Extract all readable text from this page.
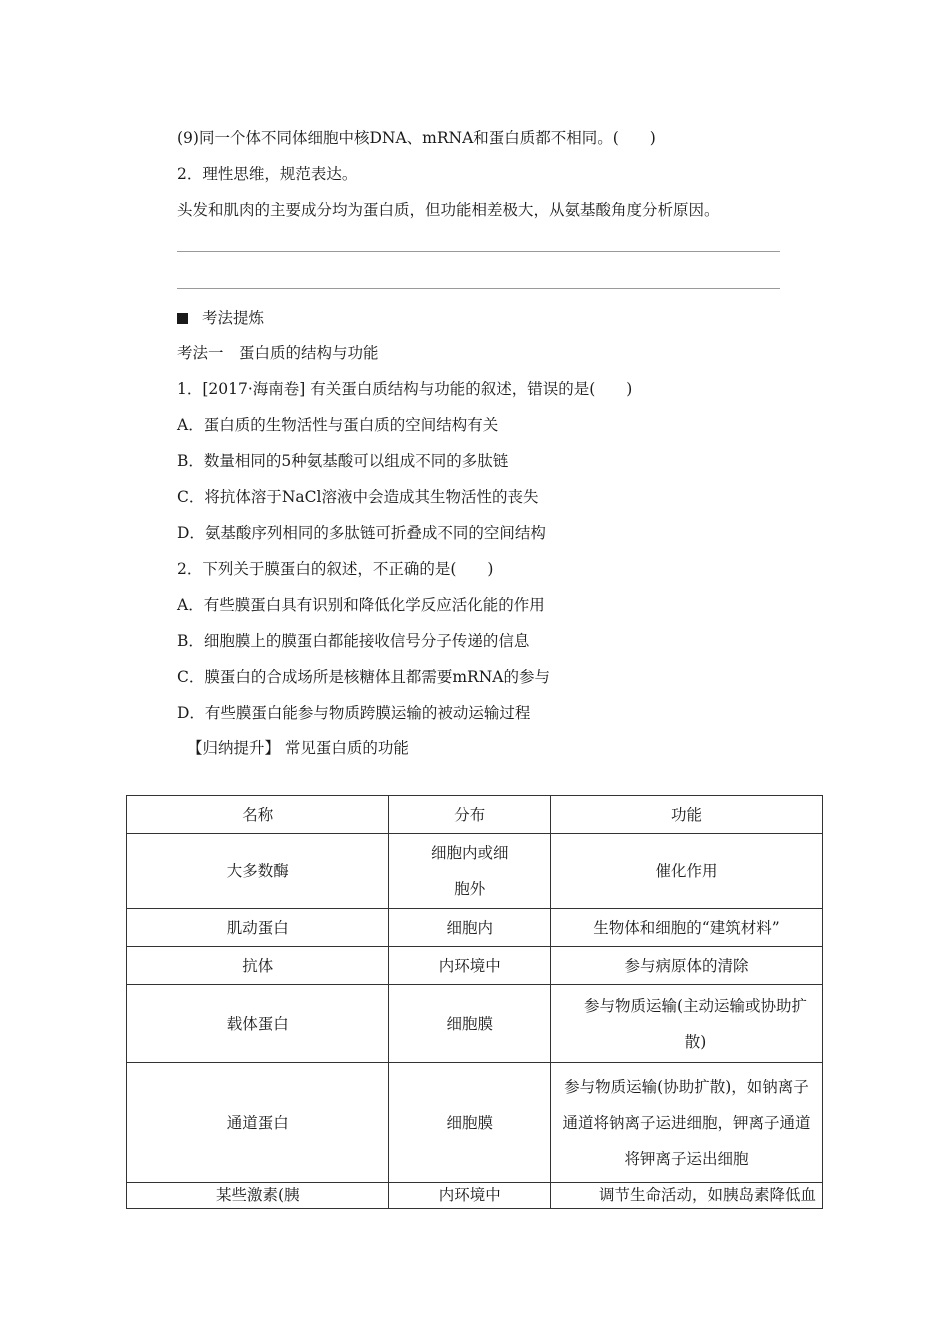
(9)同一个体不同体细胞中核DNA、mRNA和蛋白质都不相同。(　　)
2．理性思维，规范表达。
头发和肌肉的主要成分均为蛋白质，但功能相差极大，从氨基酸角度分析原因。
考法提炼
考法一　蛋白质的结构与功能
1．[2017·海南卷] 有关蛋白质结构与功能的叙述，错误的是(　　)
A．蛋白质的生物活性与蛋白质的空间结构有关
B．数量相同的5种氨基酸可以组成不同的多肽链
C．将抗体溶于NaCl溶液中会造成其生物活性的丧失
D．氨基酸序列相同的多肽链可折叠成不同的空间结构
2．下列关于膜蛋白的叙述，不正确的是(　　)
A．有些膜蛋白具有识别和降低化学反应活化能的作用
B．细胞膜上的膜蛋白都能接收信号分子传递的信息
C．膜蛋白的合成场所是核糖体且都需要mRNA的参与
D．有些膜蛋白能参与物质跨膜运输的被动运输过程
【归纳提升】 常见蛋白质的功能
名称	分布	功能
大多数酶	细胞内或细胞外	催化作用
肌动蛋白	细胞内	生物体和细胞的“建筑材料”
抗体	内环境中	参与病原体的清除
载体蛋白	细胞膜	参与物质运输(主动运输或协助扩散)
通道蛋白	细胞膜	参与物质运输(协助扩散)，如钠离子通道将钠离子运进细胞，钾离子通道将钾离子运出细胞
某些激素(胰	内环境中	调节生命活动，如胰岛素降低血
